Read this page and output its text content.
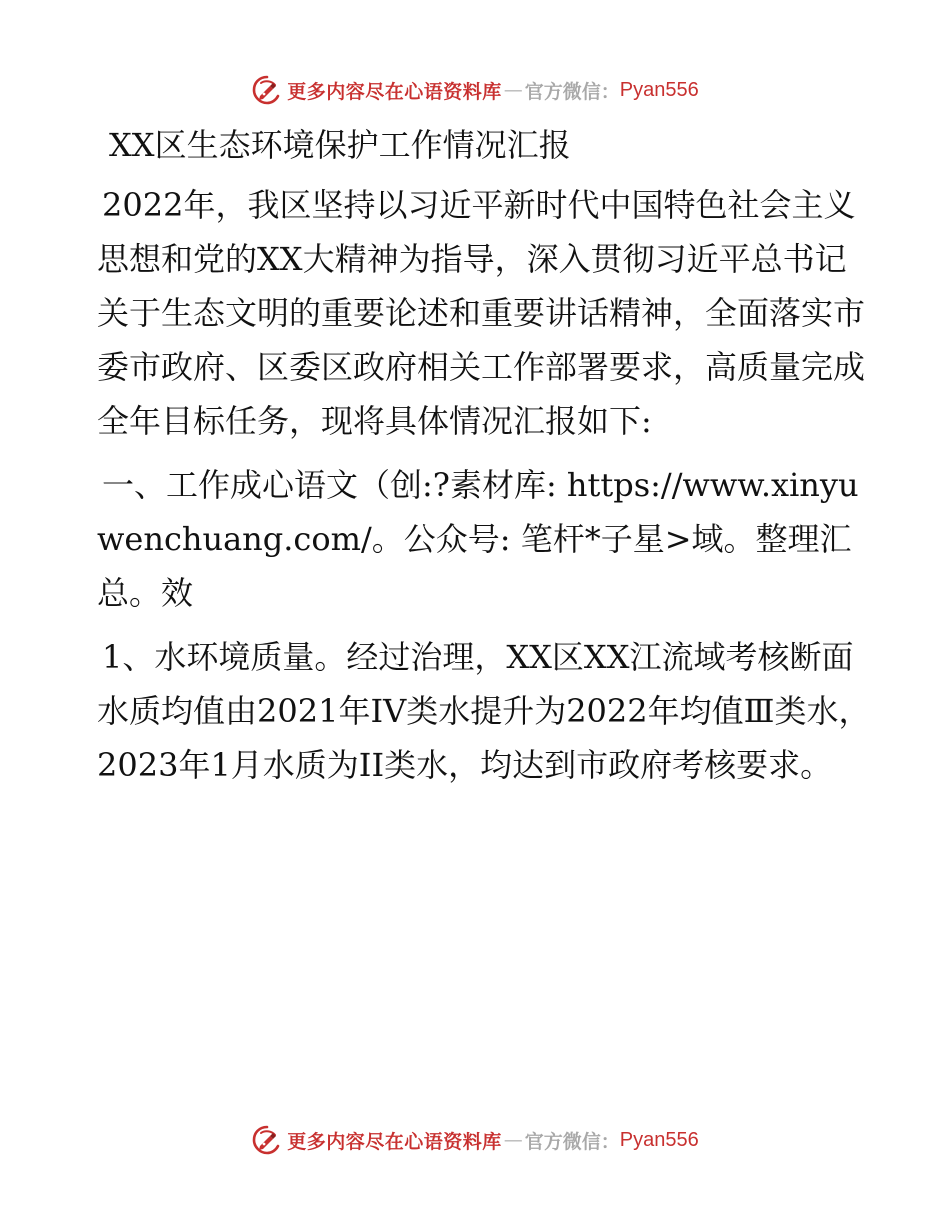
更多内容尽在心语资料库 — 官方微信： Pyan556
XX区生态环境保护工作情况汇报

2022年，我区坚持以习近平新时代中国特色社会主义思想和党的XX大精神为指导，深入贯彻习近平总书记关于生态文明的重要论述和重要讲话精神，全面落实市委市政府、区委区政府相关工作部署要求，高质量完成全年目标任务，现将具体情况汇报如下:

一、工作成心语文（创:?素材库: https://www.xinyuwenchuang.com/。公众号: 笔杆*子星>域。整理汇总。效

1、水环境质量。经过治理，XX区XX江流域考核断面水质均值由2021年IV类水提升为2022年均值Ⅲ类水，2023年1月水质为II类水，均达到市政府考核要求。

更多内容尽在心语资料库 — 官方微信： Pyan556
